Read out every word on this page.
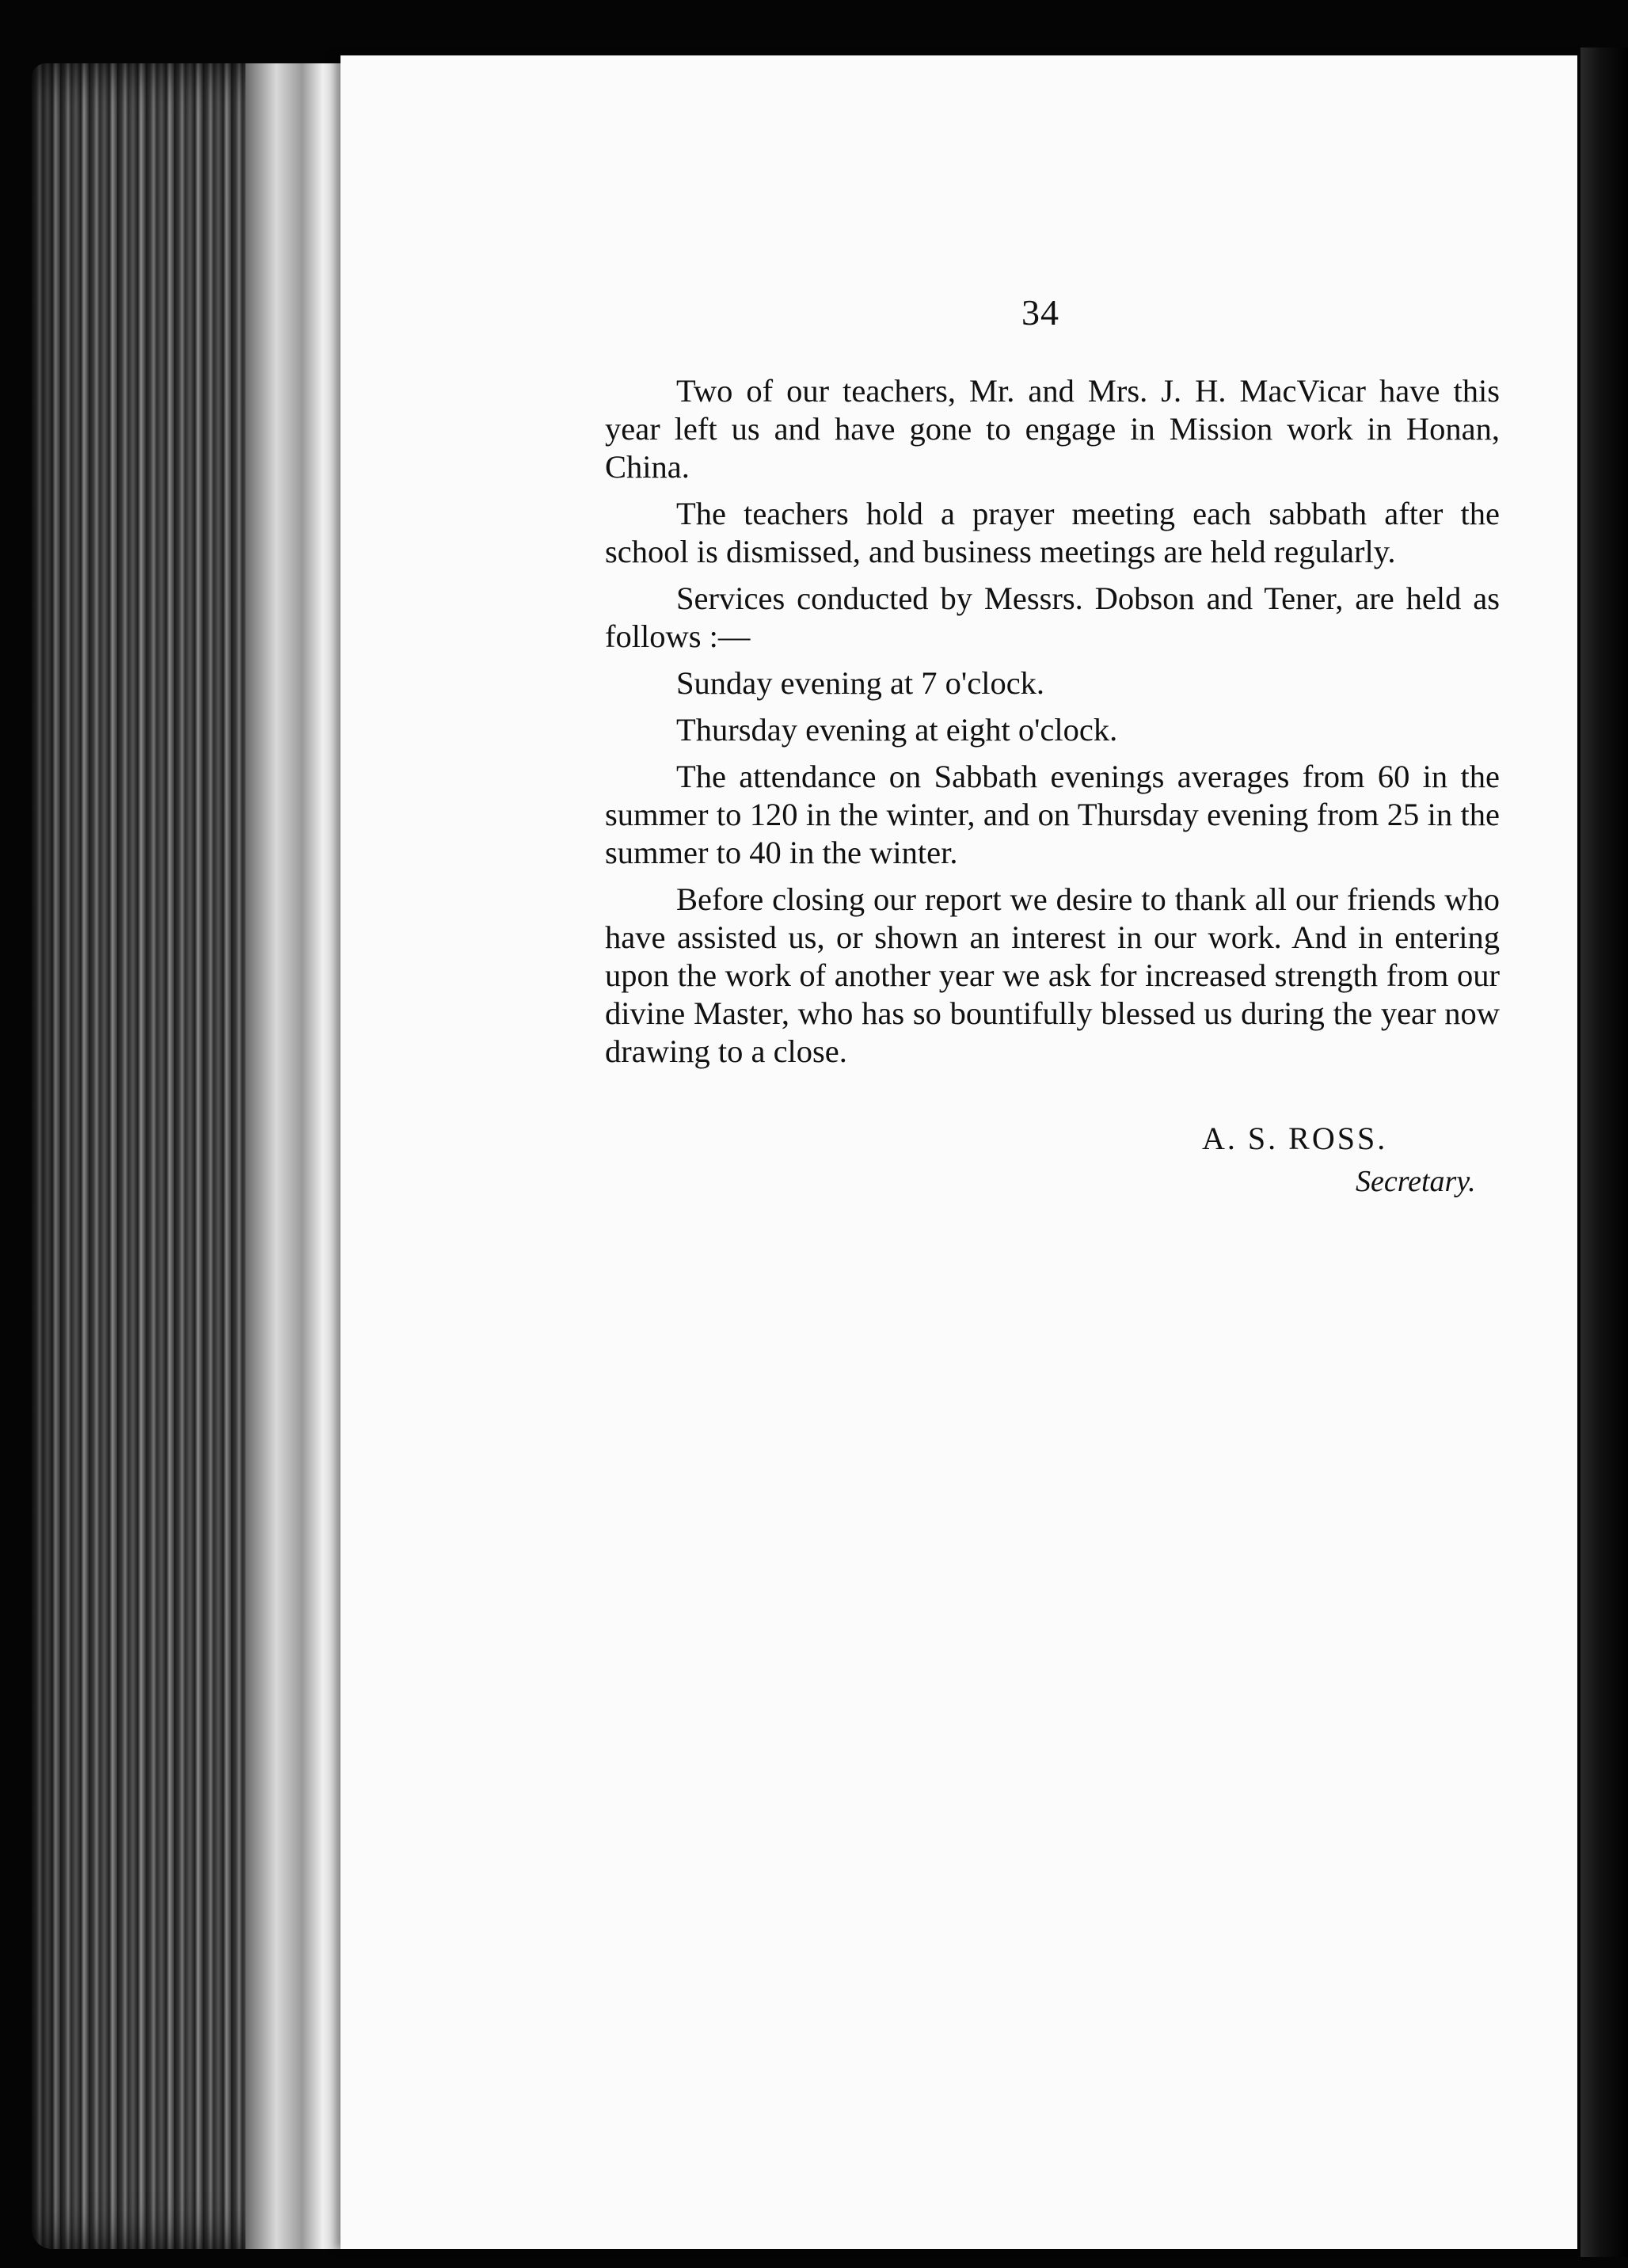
34

Two of our teachers, Mr. and Mrs. J. H. MacVicar have this year left us and have gone to engage in Mission work in Honan, China.

The teachers hold a prayer meeting each sabbath after the school is dismissed, and business meetings are held regularly.

Services conducted by Messrs. Dobson and Tener, are held as follows :—

Sunday evening at 7 o'clock.

Thursday evening at eight o'clock.

The attendance on Sabbath evenings averages from 60 in the summer to 120 in the winter, and on Thursday evening from 25 in the summer to 40 in the winter.

Before closing our report we desire to thank all our friends who have assisted us, or shown an interest in our work. And in entering upon the work of another year we ask for increased strength from our divine Master, who has so bountifully blessed us during the year now drawing to a close.

A. S. ROSS.
Secretary.
